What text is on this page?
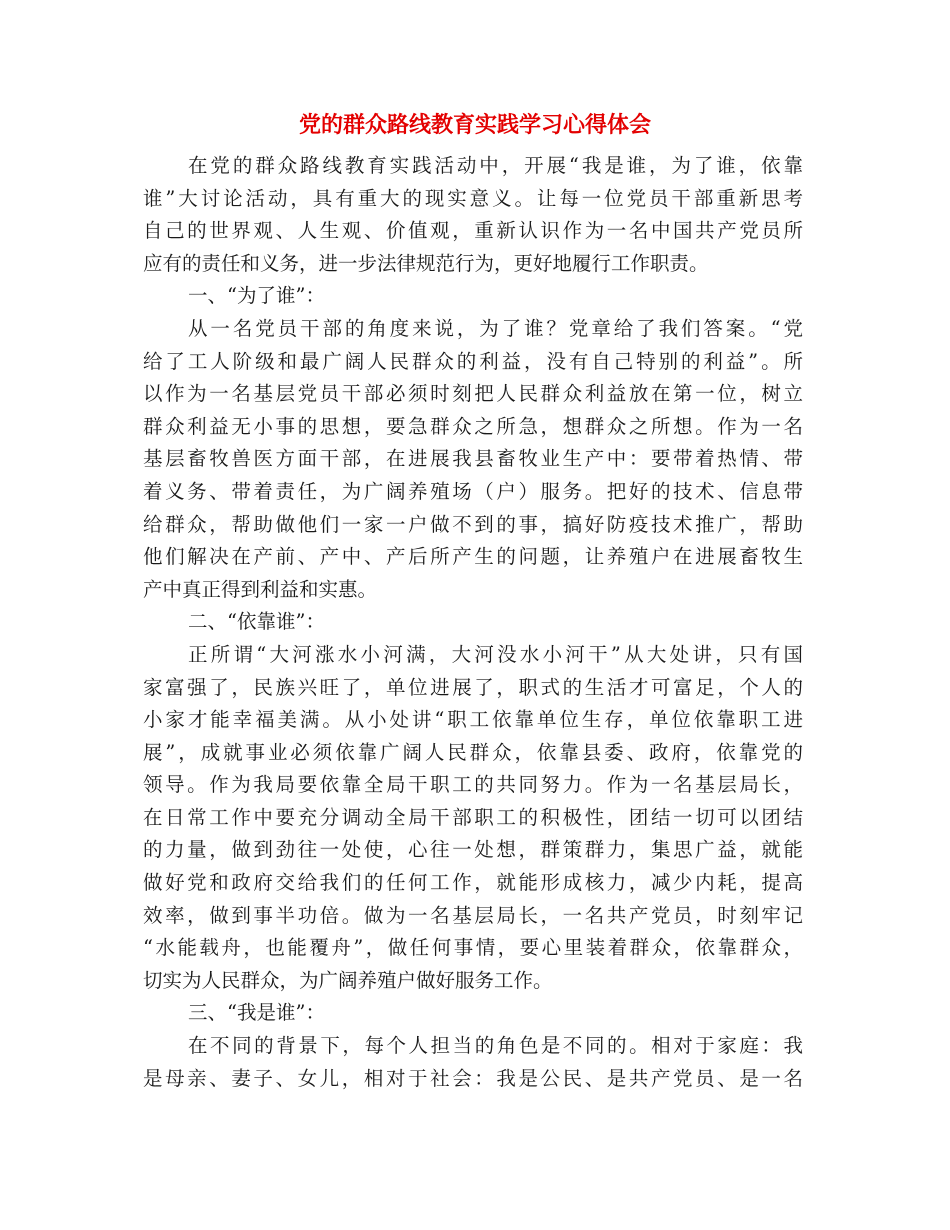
党的群众路线教育实践学习心得体会
在党的群众路线教育实践活动中，开展“我是谁，为了谁，依靠
谁”大讨论活动，具有重大的现实意义。让每一位党员干部重新思考
自己的世界观、人生观、价值观，重新认识作为一名中国共产党员所
应有的责任和义务，进一步法律规范行为，更好地履行工作职责。
一、“为了谁”：
从一名党员干部的角度来说，为了谁？党章给了我们答案。“党
给了工人阶级和最广阔人民群众的利益，没有自己特别的利益”。所
以作为一名基层党员干部必须时刻把人民群众利益放在第一位，树立
群众利益无小事的思想，要急群众之所急，想群众之所想。作为一名
基层畜牧兽医方面干部，在进展我县畜牧业生产中：要带着热情、带
着义务、带着责任，为广阔养殖场（户）服务。把好的技术、信息带
给群众，帮助做他们一家一户做不到的事，搞好防疫技术推广，帮助
他们解决在产前、产中、产后所产生的问题，让养殖户在进展畜牧生
产中真正得到利益和实惠。
二、“依靠谁”：
正所谓“大河涨水小河满，大河没水小河干”从大处讲，只有国
家富强了，民族兴旺了，单位进展了，职式的生活才可富足，个人的
小家才能幸福美满。从小处讲“职工依靠单位生存，单位依靠职工进
展”，成就事业必须依靠广阔人民群众，依靠县委、政府，依靠党的
领导。作为我局要依靠全局干职工的共同努力。作为一名基层局长，
在日常工作中要充分调动全局干部职工的积极性，团结一切可以团结
的力量，做到劲往一处使，心往一处想，群策群力，集思广益，就能
做好党和政府交给我们的任何工作，就能形成核力，减少内耗，提高
效率，做到事半功倍。做为一名基层局长，一名共产党员，时刻牢记
“水能载舟，也能覆舟”，做任何事情，要心里装着群众，依靠群众，
切实为人民群众，为广阔养殖户做好服务工作。
三、“我是谁”：
在不同的背景下，每个人担当的角色是不同的。相对于家庭：我
是母亲、妻子、女儿，相对于社会：我是公民、是共产党员、是一名
